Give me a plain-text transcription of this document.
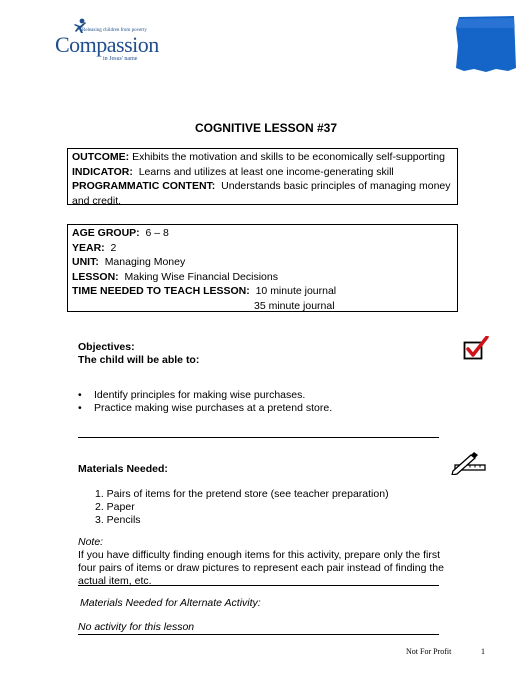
Releasing children from poverty
Compassion
in Jesus' name
COGNITIVE LESSON #37
OUTCOME: Exhibits the motivation and skills to be economically self-supporting
INDICATOR: Learns and utilizes at least one income-generating skill
PROGRAMMATIC CONTENT: Understands basic principles of managing money and credit.
AGE GROUP: 6 – 8
YEAR: 2
UNIT: Managing Money
LESSON: Making Wise Financial Decisions
TIME NEEDED TO TEACH LESSON: 10 minute journal
35 minute journal
Objectives:
The child will be able to:
• Identify principles for making wise purchases.
• Practice making wise purchases at a pretend store.
Materials Needed:
1. Pairs of items for the pretend store (see teacher preparation)
2. Paper
3. Pencils
Note:
If you have difficulty finding enough items for this activity, prepare only the first four pairs of items or draw pictures to represent each pair instead of finding the actual item, etc.
Materials Needed for Alternate Activity:
No activity for this lesson
Not For Profit	1
